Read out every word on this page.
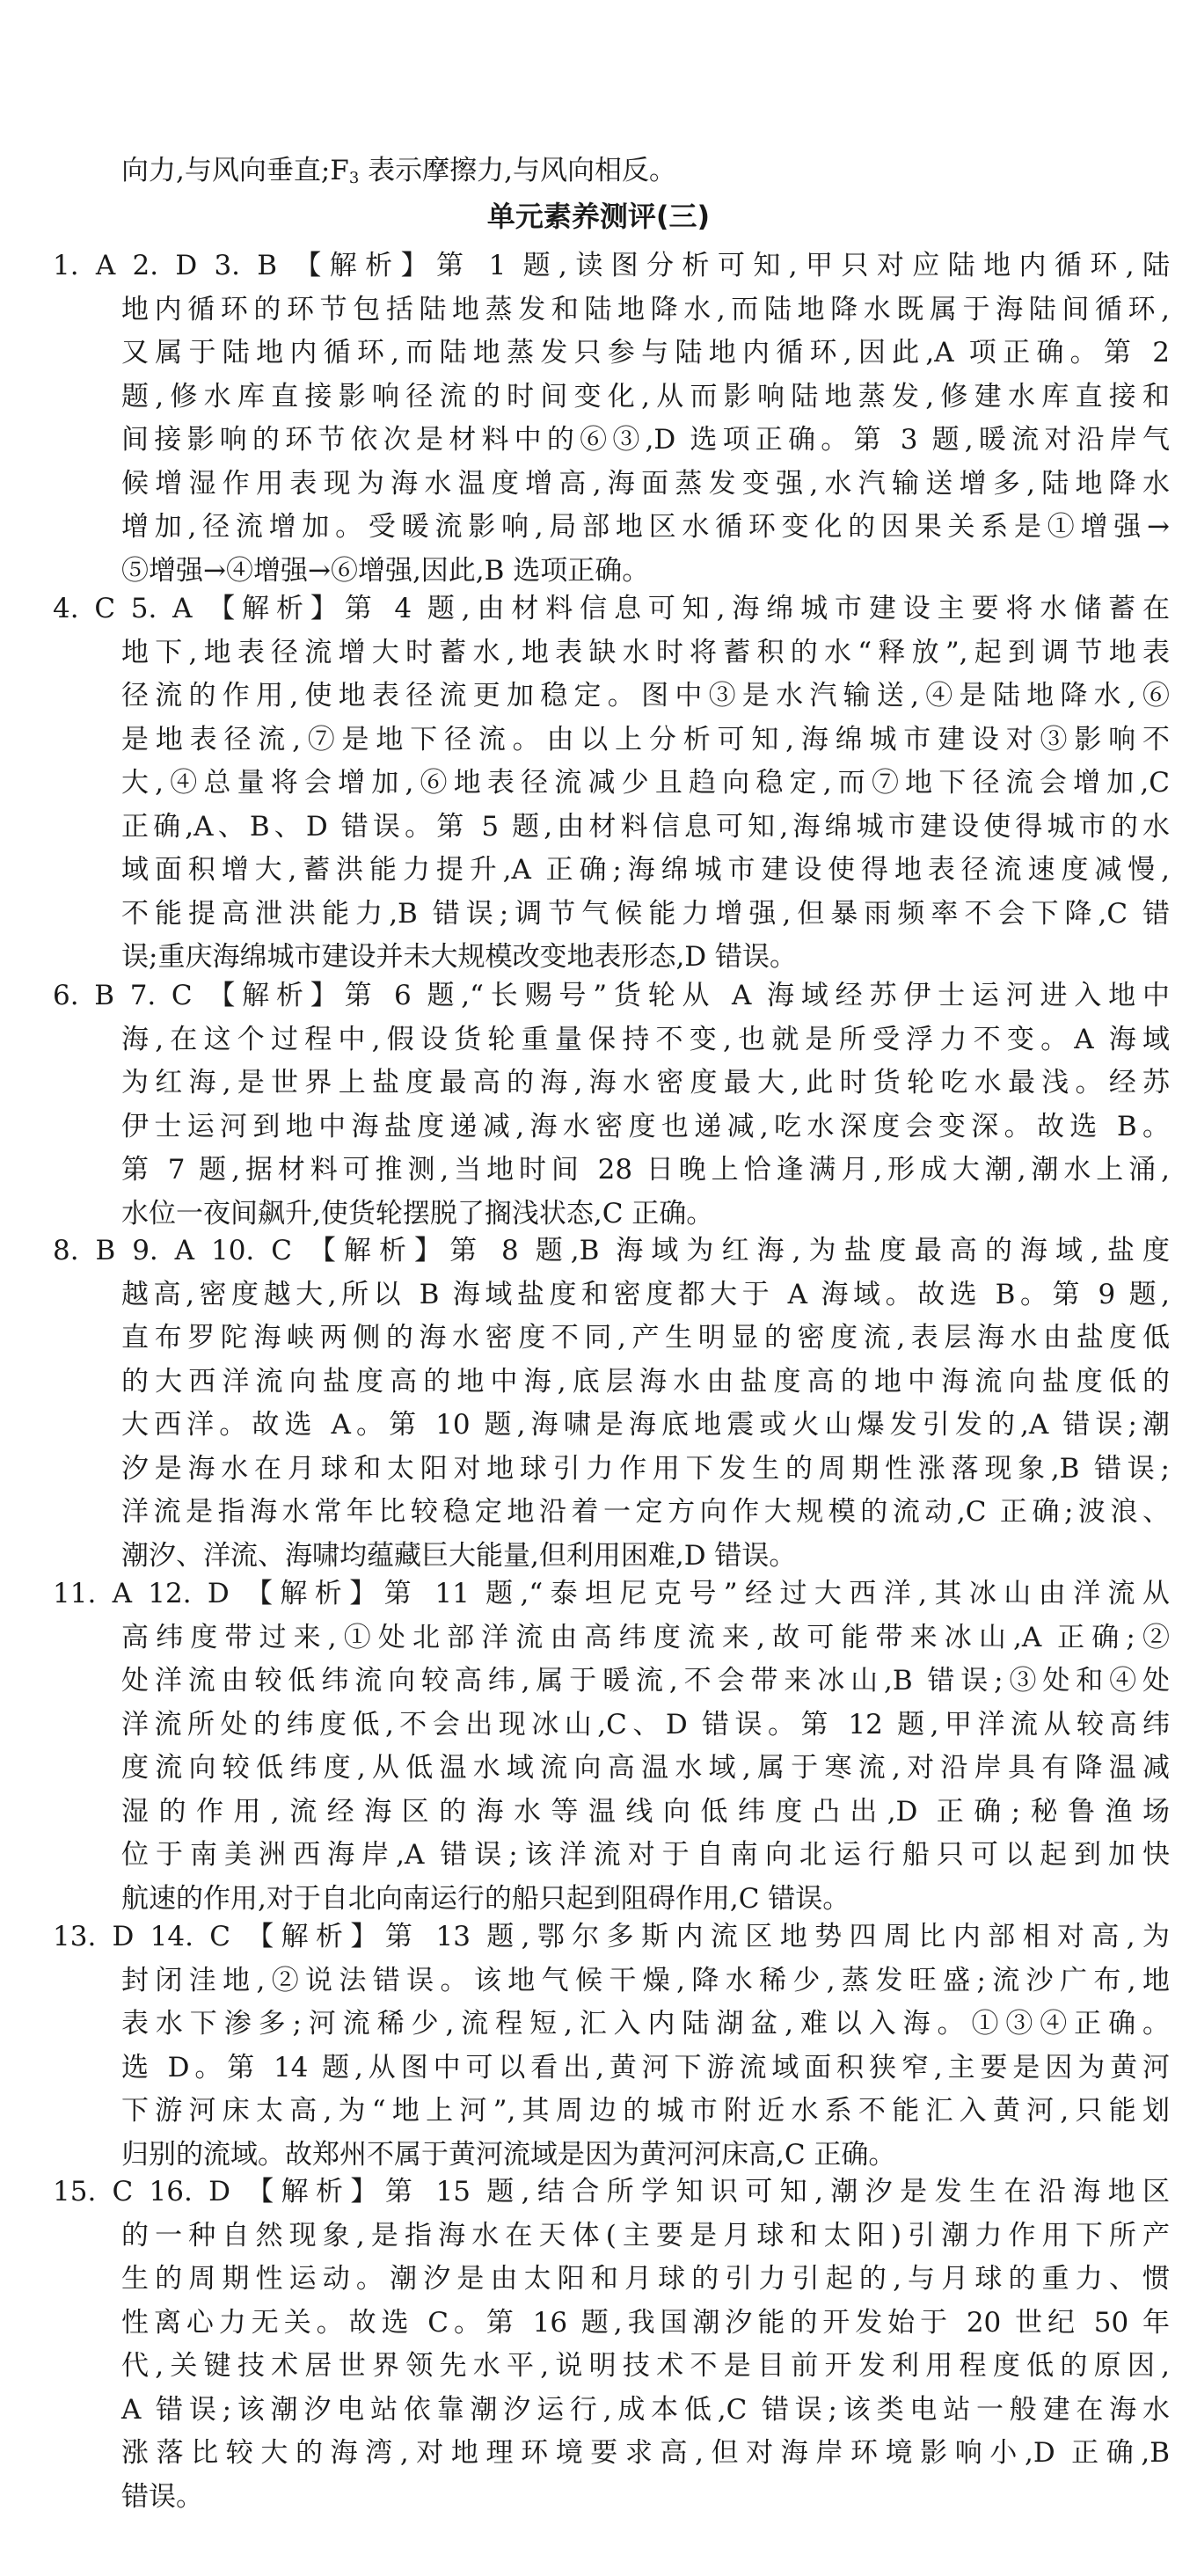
向力,与风向垂直$;F_3$ 表示摩擦力,与风向相反。

单元素养测评(三)

1. A 2. D 3. B 【解析】第 1 题,读图分析可知,甲只对应陆地内循环,陆

地内循环的环节包括陆地蒸发和陆地降水,而陆地降水既属于海陆间循环,

又属于陆地内循环,而陆地蒸发只参与陆地内循环,因此,A 项正确。第 2

题,修水库直接影响径流的时间变化,从而影响陆地蒸发,修建水库直接和

间接影响的环节依次是材料中的⑥③,D 选项正确。第 3 题,暖流对沿岸气

候增湿作用表现为海水温度增高,海面蒸发变强,水汽输送增多,陆地降水

增加,径流增加。受暖流影响,局部地区水循环变化的因果关系是①增强→

⑤增强→④增强→⑥增强,因此,B 选项正确。

4. C 5. A 【解析】第 4 题,由材料信息可知,海绵城市建设主要将水储蓄在

地下,地表径流增大时蓄水,地表缺水时将蓄积的水“释放”,起到调节地表

径流的作用,使地表径流更加稳定。图中③是水汽输送,④是陆地降水,⑥

是地表径流,⑦是地下径流。由以上分析可知,海绵城市建设对③影响不

大,④总量将会增加,⑥地表径流减少且趋向稳定,而⑦地下径流会增加,C

正确,A、B、D 错误。第 5 题,由材料信息可知,海绵城市建设使得城市的水

域面积增大,蓄洪能力提升,A 正确;海绵城市建设使得地表径流速度减慢,

不能提高泄洪能力,B 错误;调节气候能力增强,但暴雨频率不会下降,C 错

误;重庆海绵城市建设并未大规模改变地表形态,D 错误。

6. B 7. C 【解析】第 6 题,“长赐号”货轮从 A 海域经苏伊士运河进入地中

海,在这个过程中,假设货轮重量保持不变,也就是所受浮力不变。A 海域

为红海,是世界上盐度最高的海,海水密度最大,此时货轮吃水最浅。经苏

伊士运河到地中海盐度递减,海水密度也递减,吃水深度会变深。故选 B。

第 7 题,据材料可推测,当地时间 28 日晚上恰逢满月,形成大潮,潮水上涌,

水位一夜间飙升,使货轮摆脱了搁浅状态,C 正确。

8. B 9. A 10. C 【解析】第 8 题,B 海域为红海,为盐度最高的海域,盐度

越高,密度越大,所以 B 海域盐度和密度都大于 A 海域。故选 B。第 9 题,

直布罗陀海峡两侧的海水密度不同,产生明显的密度流,表层海水由盐度低

的大西洋流向盐度高的地中海,底层海水由盐度高的地中海流向盐度低的

大西洋。故选 A。第 10 题,海啸是海底地震或火山爆发引发的,A 错误;潮

汐是海水在月球和太阳对地球引力作用下发生的周期性涨落现象,B 错误;

洋流是指海水常年比较稳定地沿着一定方向作大规模的流动,C 正确;波浪、

潮汐、洋流、海啸均蕴藏巨大能量,但利用困难,D 错误。

11. A 12. D 【解析】第 11 题,“泰坦尼克号”经过大西洋,其冰山由洋流从

高纬度带过来,①处北部洋流由高纬度流来,故可能带来冰山,A 正确;②

处洋流由较低纬流向较高纬,属于暖流,不会带来冰山,B 错误;③处和④处

洋流所处的纬度低,不会出现冰山,C、D 错误。第 12 题,甲洋流从较高纬

度流向较低纬度,从低温水域流向高温水域,属于寒流,对沿岸具有降温减

湿的作用,流经海区的海水等温线向低纬度凸出,D 正确;秘鲁渔场

位于南美洲西海岸,A 错误;该洋流对于自南向北运行船只可以起到加快

航速的作用,对于自北向南运行的船只起到阻碍作用,C 错误。

13. D 14. C 【解析】第 13 题,鄂尔多斯内流区地势四周比内部相对高,为

封闭洼地,②说法错误。该地气候干燥,降水稀少,蒸发旺盛;流沙广布,地

表水下渗多;河流稀少,流程短,汇入内陆湖盆,难以入海。①③④正确。

选 D。第 14 题,从图中可以看出,黄河下游流域面积狭窄,主要是因为黄河

下游河床太高,为“地上河”,其周边的城市附近水系不能汇入黄河,只能划

归别的流域。故郑州不属于黄河流域是因为黄河河床高,C 正确。

15. C 16. D 【解析】第 15 题,结合所学知识可知,潮汐是发生在沿海地区

的一种自然现象,是指海水在天体(主要是月球和太阳)引潮力作用下所产

生的周期性运动。潮汐是由太阳和月球的引力引起的,与月球的重力、惯

性离心力无关。故选 C。第 16 题,我国潮汐能的开发始于 20 世纪 50 年

代,关键技术居世界领先水平,说明技术不是目前开发利用程度低的原因,

A 错误;该潮汐电站依靠潮汐运行,成本低,C 错误;该类电站一般建在海水

涨落比较大的海湾,对地理环境要求高,但对海岸环境影响小,D 正确,B

错误。
